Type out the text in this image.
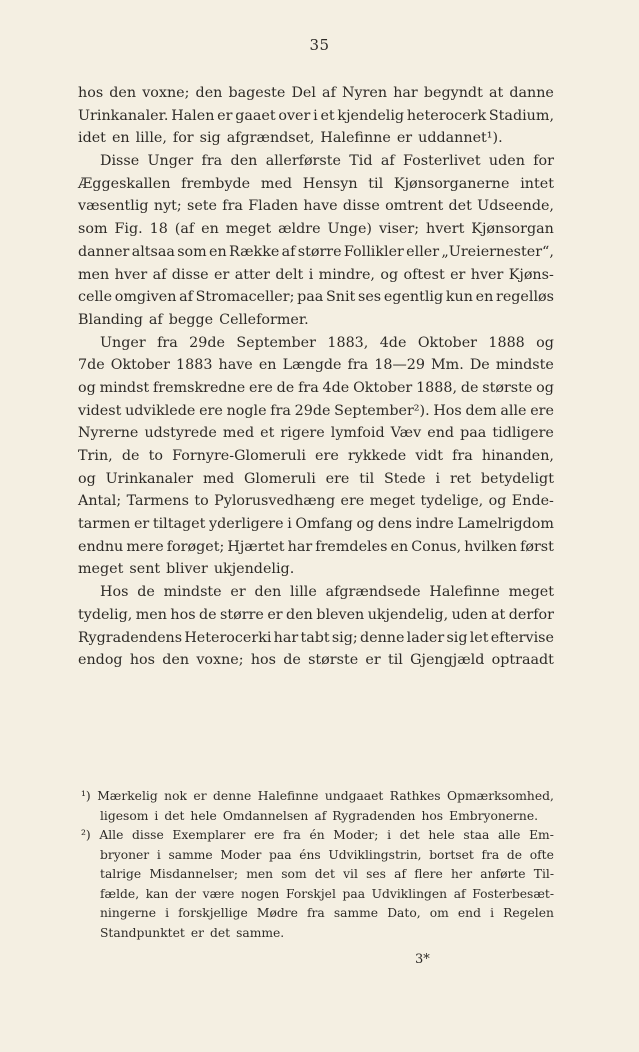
35
hos den voxne; den bageste Del af Nyren har begyndt at danne
Urinkanaler. Halen er gaaet over i et kjendelig heterocerk Stadium,
idet en lille, for sig afgrændset, Halefinne er uddannet¹).
Disse Unger fra den allerførste Tid af Fosterlivet uden for
Æggeskallen frembyde med Hensyn til Kjønsorganerne intet
væsentlig nyt; sete fra Fladen have disse omtrent det Udseende,
som Fig. 18 (af en meget ældre Unge) viser; hvert Kjønsorgan
danner altsaa som en Række af større Follikler eller „Ureiernester“,
men hver af disse er atter delt i mindre, og oftest er hver Kjøns-
celle omgiven af Stromaceller; paa Snit ses egentlig kun en regelløs
Blanding af begge Celleformer.
Unger fra 29de September 1883, 4de Oktober 1888 og
7de Oktober 1883 have en Længde fra 18—29 Mm. De mindste
og mindst fremskredne ere de fra 4de Oktober 1888, de største og
videst udviklede ere nogle fra 29de September²). Hos dem alle ere
Nyrerne udstyrede med et rigere lymfoid Væv end paa tidligere
Trin, de to Fornyre-Glomeruli ere rykkede vidt fra hinanden,
og Urinkanaler med Glomeruli ere til Stede i ret betydeligt
Antal; Tarmens to Pylorusvedhæng ere meget tydelige, og Ende-
tarmen er tiltaget yderligere i Omfang og dens indre Lamelrigdom
endnu mere forøget; Hjærtet har fremdeles en Conus, hvilken først
meget sent bliver ukjendelig.
Hos de mindste er den lille afgrændsede Halefinne meget
tydelig, men hos de større er den bleven ukjendelig, uden at derfor
Rygradendens Heterocerki har tabt sig; denne lader sig let eftervise
endog hos den voxne; hos de største er til Gjengjæld optraadt
¹) Mærkelig nok er denne Halefinne undgaaet Rathkes Opmærksomhed,
ligesom i det hele Omdannelsen af Rygradenden hos Embryonerne.
²) Alle disse Exemplarer ere fra én Moder; i det hele staa alle Em-
bryoner i samme Moder paa éns Udviklingstrin, bortset fra de ofte
talrige Misdannelser; men som det vil ses af flere her anførte Til-
fælde, kan der være nogen Forskjel paa Udviklingen af Fosterbesæt-
ningerne i forskjellige Mødre fra samme Dato, om end i Regelen
Standpunktet er det samme.
3*
